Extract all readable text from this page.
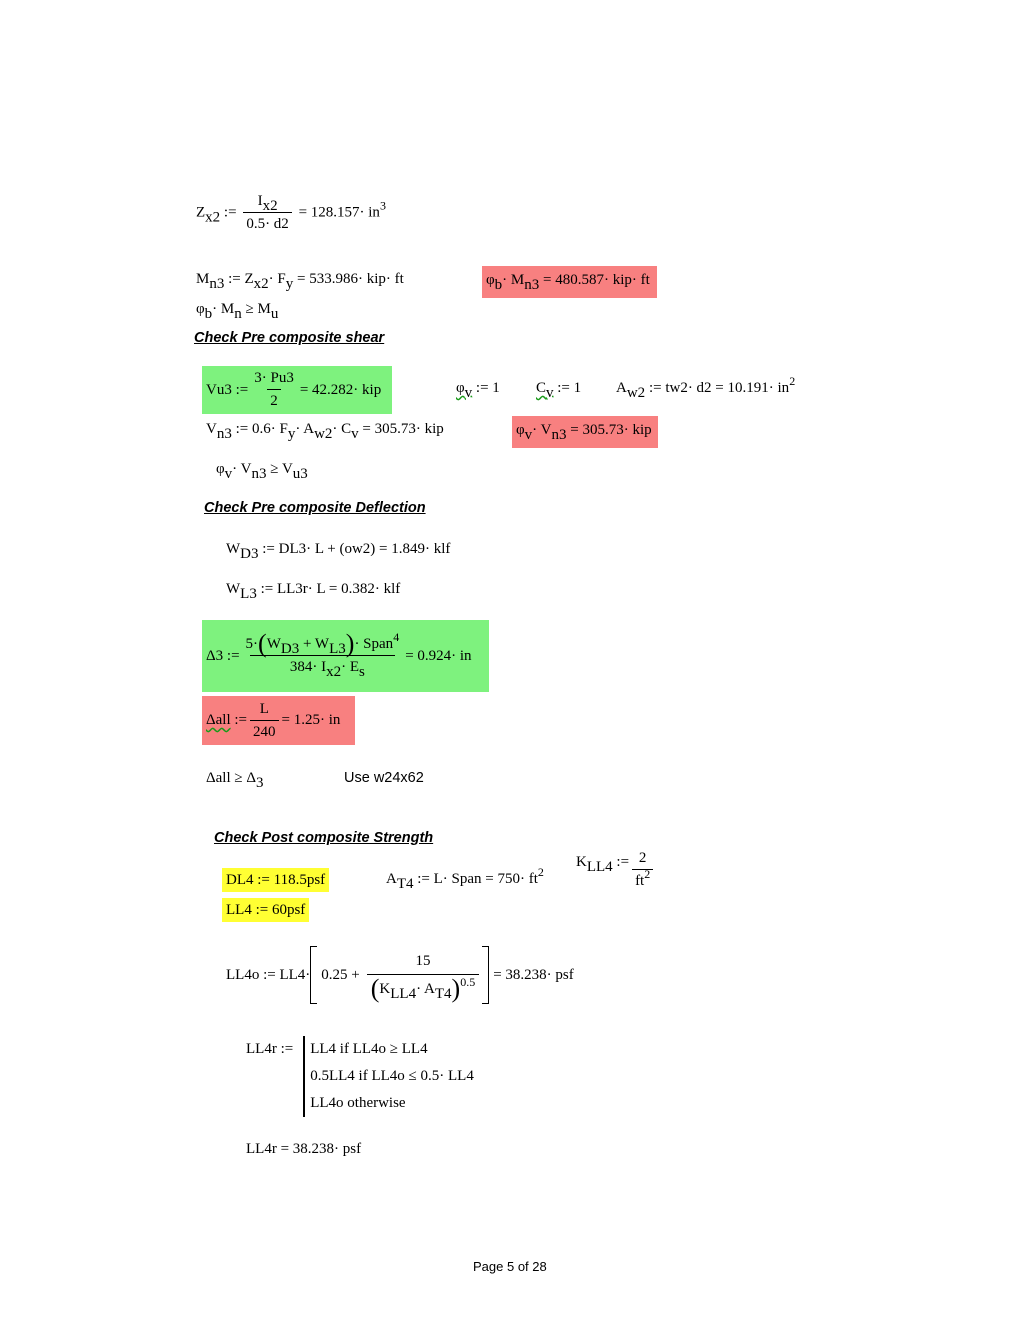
$Z_{x2}$ := $\frac{I_{x2}}{0.5\cdot d2} = 128.157\cdot in^3$
$M_{n3}$ := $Z_{x2}\cdot F_y = 533.986\cdot kip\cdot$ ft	$\varphi_b\cdot M_{n3} = 480.587\cdot kip\cdot$ ft
$\varphi_b\cdot M_n \ge M_u$
Check Pre composite shear
V u3
:= $\frac{3\cdot Pu3}{2} = 42.282\cdot$ kip	$\varphi_v$ := 1 $C_v$ := 1 $A_{w2}$ := $tw2\cdot d2 = 10.191\cdot in^2$
$V_{n3}$ := $0.6\cdot F_y\cdot A_{w2}\cdot C_v = 305.73\cdot$ kip	$\varphi_v\cdot V_{n3} = 305.73\cdot$ kip
$\varphi_v\cdot V_{n3} \ge V_{u3}$
Check Pre composite Deflection
$W_{D3}$ := DL3· L + (ow2) = 1.849· klf
$W_{L3}$ := LL3r· L = 0.382· klf
Δ 3
:= $\frac{5\cdot(W_{D3} + W_{L3})\cdot Span^4}{384\cdot I_{x2}\cdot E_s} = 0.924\cdot$ in
Δall
:= $\frac{L}{240} = 1.25\cdot$ in
$\Delta all \ge \Delta_3$	Use w24x62
Check Post composite Strength
DL4 := 118.5psf
LL4 := 60psf
$A_{T4}$ := L· Span = $750\cdot ft^2$
$K_{LL4}$ := $\frac{2}{ft^2}$
LL4o := $LL4\cdot 0.25 + \frac{15}{(K_{LL4}\cdot A_{T4})^{0.5}} = 38.238\cdot$ psf
LL4r := LL4 if LL4o ≥ LL4
0.5LL4 if LL4o ≤ 0.5· LL4
LL4o otherwise
LL4r = 38.238· psf
Page 5 of 28
